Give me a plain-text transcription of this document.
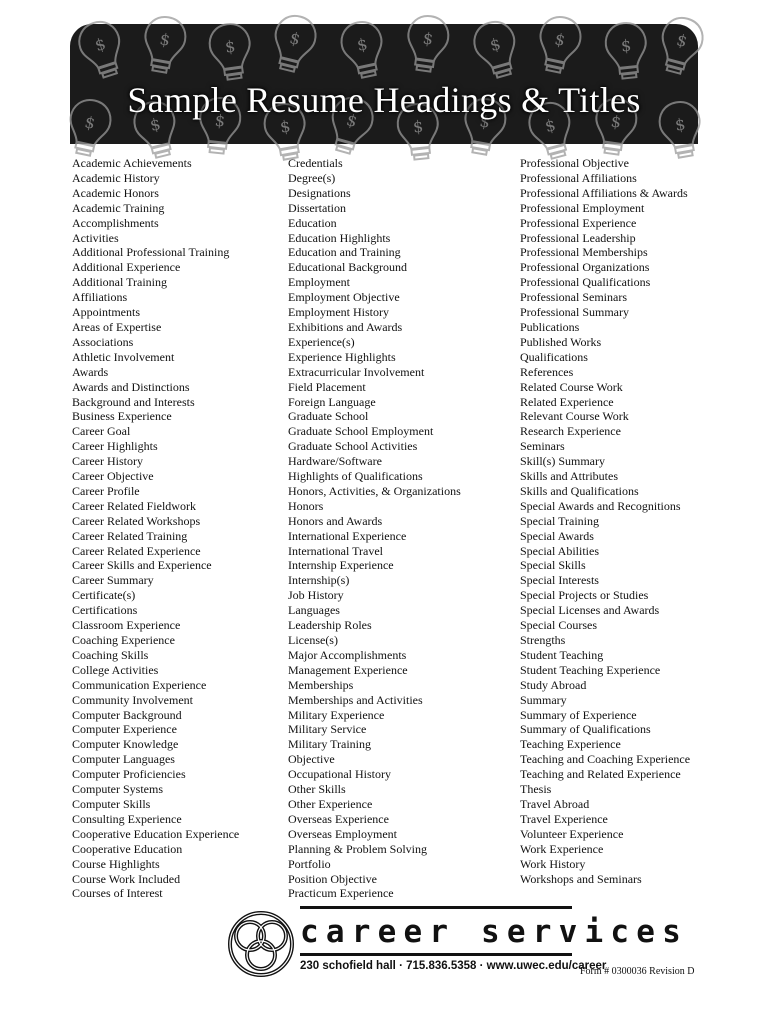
$
Sample Resume Headings & Titles
Academic Achievements
Academic History
Academic Honors
Academic Training
Accomplishments
Activities
Additional Professional Training
Additional Experience
Additional Training
Affiliations
Appointments
Areas of Expertise
Associations
Athletic Involvement
Awards
Awards and Distinctions
Background and Interests
Business Experience
Career Goal
Career Highlights
Career History
Career Objective
Career Profile
Career Related Fieldwork
Career Related Workshops
Career Related Training
Career Related Experience
Career Skills and Experience
Career Summary
Certificate(s)
Certifications
Classroom Experience
Coaching Experience
Coaching Skills
College Activities
Communication Experience
Community Involvement
Computer Background
Computer Experience
Computer Knowledge
Computer Languages
Computer Proficiencies
Computer Systems
Computer Skills
Consulting Experience
Cooperative Education Experience
Cooperative Education
Course Highlights
Course Work Included
Courses of Interest
Credentials
Degree(s)
Designations
Dissertation
Education
Education Highlights
Education and Training
Educational Background
Employment
Employment Objective
Employment History
Exhibitions and Awards
Experience(s)
Experience Highlights
Extracurricular Involvement
Field Placement
Foreign Language
Graduate School
Graduate School Employment
Graduate School Activities
Hardware/Software
Highlights of Qualifications
Honors, Activities, & Organizations
Honors
Honors and Awards
International Experience
International Travel
Internship Experience
Internship(s)
Job History
Languages
Leadership Roles
License(s)
Major Accomplishments
Management Experience
Memberships
Memberships and Activities
Military Experience
Military Service
Military Training
Objective
Occupational History
Other Skills
Other Experience
Overseas Experience
Overseas Employment
Planning & Problem Solving
Portfolio
Position Objective
Practicum Experience
Professional Objective
Professional Affiliations
Professional Affiliations & Awards
Professional Employment
Professional Experience
Professional Leadership
Professional Memberships
Professional Organizations
Professional Qualifications
Professional Seminars
Professional Summary
Publications
Published Works
Qualifications
References
Related Course Work
Related Experience
Relevant Course Work
Research Experience
Seminars
Skill(s) Summary
Skills and Attributes
Skills and Qualifications
Special Awards and Recognitions
Special Training
Special Awards
Special Abilities
Special Skills
Special Interests
Special Projects or Studies
Special Licenses and Awards
Special Courses
Strengths
Student Teaching
Student Teaching Experience
Study Abroad
Summary
Summary of Experience
Summary of Qualifications
Teaching Experience
Teaching and Coaching Experience
Teaching and Related Experience
Thesis
Travel Abroad
Travel Experience
Volunteer Experience
Work Experience
Work History
Workshops and Seminars
career services
230 schofield hall · 715.836.5358 · www.uwec.edu/career
Form # 0300036 Revision D
